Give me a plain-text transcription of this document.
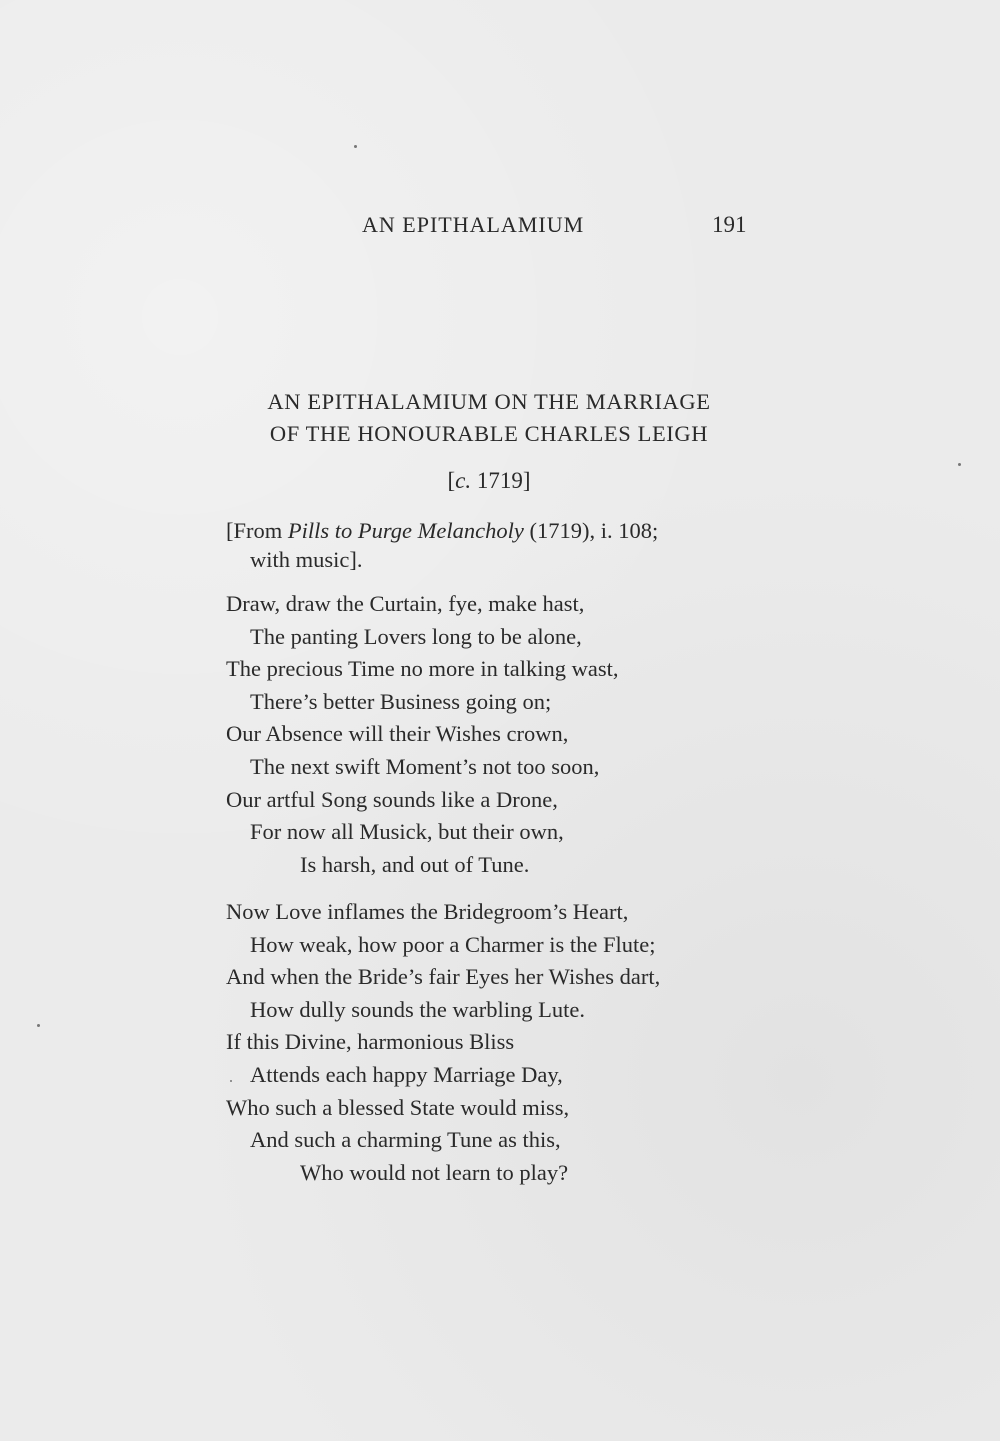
AN EPITHALAMIUM	191
AN EPITHALAMIUM ON THE MARRIAGE
OF THE HONOURABLE CHARLES LEIGH
[c. 1719]
[From Pills to Purge Melancholy (1719), i. 108;
with music].
Draw, draw the Curtain, fye, make hast,
The panting Lovers long to be alone,
The precious Time no more in talking wast,
There’s better Business going on;
Our Absence will their Wishes crown,
The next swift Moment’s not too soon,
Our artful Song sounds like a Drone,
For now all Musick, but their own,
Is harsh, and out of Tune.
Now Love inflames the Bridegroom’s Heart,
How weak, how poor a Charmer is the Flute;
And when the Bride’s fair Eyes her Wishes dart,
How dully sounds the warbling Lute.
If this Divine, harmonious Bliss
Attends each happy Marriage Day,
Who such a blessed State would miss,
And such a charming Tune as this,
Who would not learn to play?
